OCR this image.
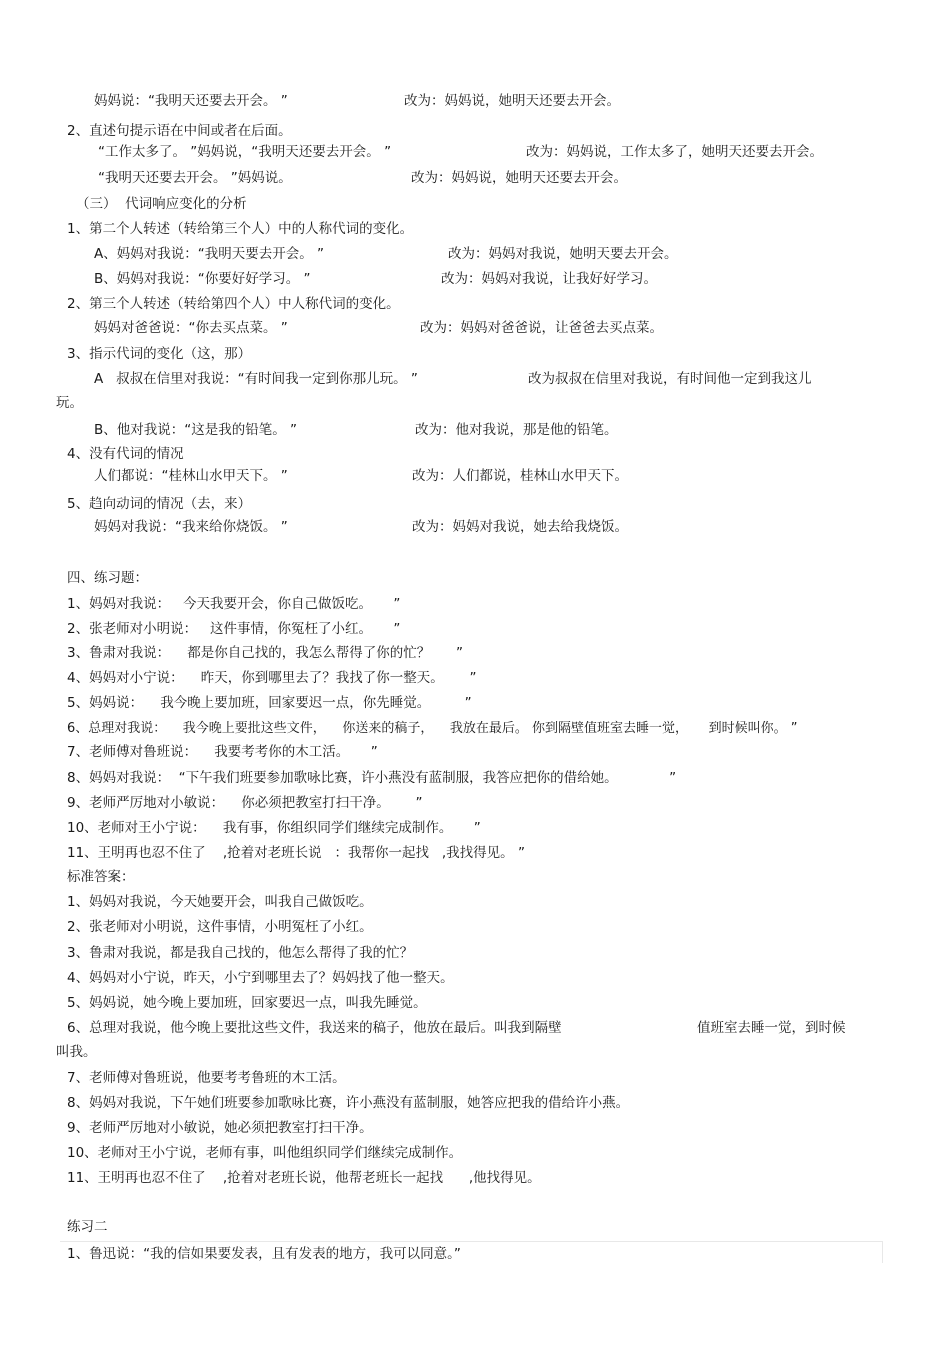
妈妈说：“我明天还要去开会。 ”	改为：妈妈说，她明天还要去开会。
2、直述句提示语在中间或者在后面。
“工作太多了。 ”妈妈说，“我明天还要去开会。 ”	改为：妈妈说，工作太多了，她明天还要去开会。
“我明天还要去开会。 ”妈妈说。	改为：妈妈说，她明天还要去开会。
（三）  代词响应变化的分析
1、第二个人转述（转给第三个人）中的人称代词的变化。
A、妈妈对我说：“我明天要去开会。 ”	改为：妈妈对我说，她明天要去开会。
B、妈妈对我说：“你要好好学习。 ”	改为：妈妈对我说，让我好好学习。
2、第三个人转述（转给第四个人）中人称代词的变化。
妈妈对爸爸说：“你去买点菜。 ”	改为：妈妈对爸爸说，让爸爸去买点菜。
3、指示代词的变化（这，那）
A   叔叔在信里对我说：“有时间我一定到你那儿玩。 ”	改为叔叔在信里对我说，有时间他一定到我这儿
玩。
B、他对我说：“这是我的铅笔。 ”	改为：他对我说，那是他的铅笔。
4、没有代词的情况
人们都说：“桂林山水甲天下。 ”	改为：人们都说，桂林山水甲天下。
5、趋向动词的情况（去，来）
妈妈对我说：“我来给你烧饭。 ”	改为：妈妈对我说，她去给我烧饭。
四、练习题：
1、妈妈对我说：   今天我要开会，你自己做饭吃。     ”
2、张老师对小明说：   这件事情，你冤枉了小红。     ”
3、鲁肃对我说：    都是你自己找的，我怎么帮得了你的忙？      ”
4、妈妈对小宁说：    昨天，你到哪里去了？我找了你一整天。      ”
5、妈妈说：    我今晚上要加班，回家要迟一点，你先睡觉。        ”
6、总理对我说：    我今晚上要批这些文件，    你送来的稿子，    我放在最后。 你到隔壁值班室去睡一觉，     到时候叫你。 ”
7、老师傅对鲁班说：    我要考考你的木工活。     ”
8、妈妈对我说：  “下午我们班要参加歌咏比赛，许小燕没有蓝制服，我答应把你的借给她。            ”
9、老师严厉地对小敏说：    你必须把教室打扫干净。      ”
10、老师对王小宁说：    我有事，你组织同学们继续完成制作。     ”
11、王明再也忍不住了    ,抢着对老班长说   ：我帮你一起找   ,我找得见。 ”
标准答案：
1、妈妈对我说，今天她要开会，叫我自己做饭吃。
2、张老师对小明说，这件事情，小明冤枉了小红。
3、鲁肃对我说，都是我自己找的，他怎么帮得了我的忙？
4、妈妈对小宁说，昨天，小宁到哪里去了？妈妈找了他一整天。
5、妈妈说，她今晚上要加班，回家要迟一点，叫我先睡觉。
6、总理对我说，他今晚上要批这些文件，我送来的稿子，他放在最后。叫我到隔壁	值班室去睡一觉，到时候
叫我。
7、老师傅对鲁班说，他要考考鲁班的木工活。
8、妈妈对我说，下午她们班要参加歌咏比赛，许小燕没有蓝制服，她答应把我的借给许小燕。
9、老师严厉地对小敏说，她必须把教室打扫干净。
10、老师对王小宁说，老师有事，叫他组织同学们继续完成制作。
11、王明再也忍不住了    ,抢着对老班长说，他帮老班长一起找      ,他找得见。
练习二
1、鲁迅说：“我的信如果要发表，且有发表的地方，我可以同意。”
